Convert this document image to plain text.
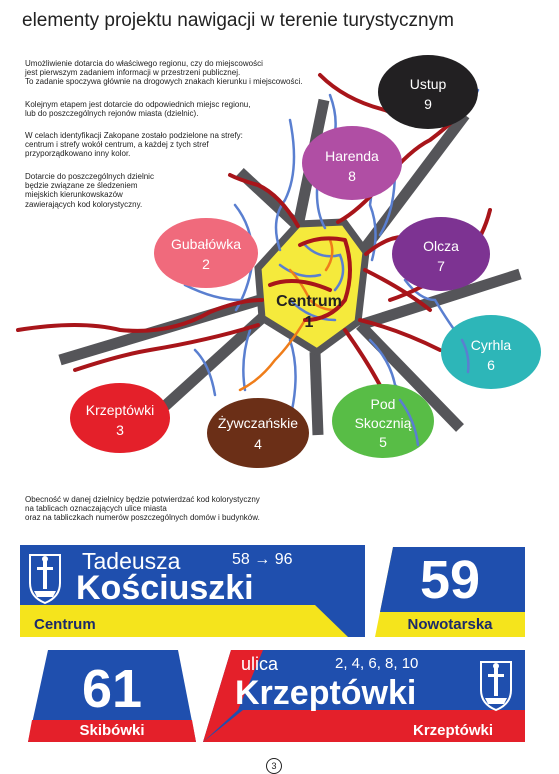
elementy projektu nawigacji w terenie turystycznym

Umożliwienie dotarcia do właściwego regionu, czy do miejscowości

jest pierwszym zadaniem informacji w przestrzeni publicznej.

To zadanie spoczywa głównie na drogowych znakach kierunku i miejscowości.

Kolejnym etapem jest dotarcie do odpowiednich miejsc regionu,

lub do poszczególnych rejonów miasta (dzielnic).

W celach identyfikacji Zakopane zostało podzielone na strefy:

centrum i strefy wokół centrum, a każdej z tych stref

przyporządkowano inny kolor.

Dotarcie do poszczególnych dzielnic

będzie związane ze śledzeniem

miejskich kierunkowskazów

zawierających kod kolorystyczny.

Centrum
1
Gubałówka
2
Krzeptówki
3	Żywczańskie
4
Pod
Skocznią
5
Cyrhla
6
Olcza
7
Harenda
8
Ustup
9

Obecność w danej dzielnicy będzie potwierdzać kod kolorystyczny

na tablicach oznaczających ulice miasta

oraz na tabliczkach numerów poszczególnych domów i budynków.

Tadeusza	58 → 96
Kościuszki
Centrum
59
Nowotarska
61
Skibówki
ulica	2, 4, 6, 8, 10
Krzeptówki
Krzeptówki
3
